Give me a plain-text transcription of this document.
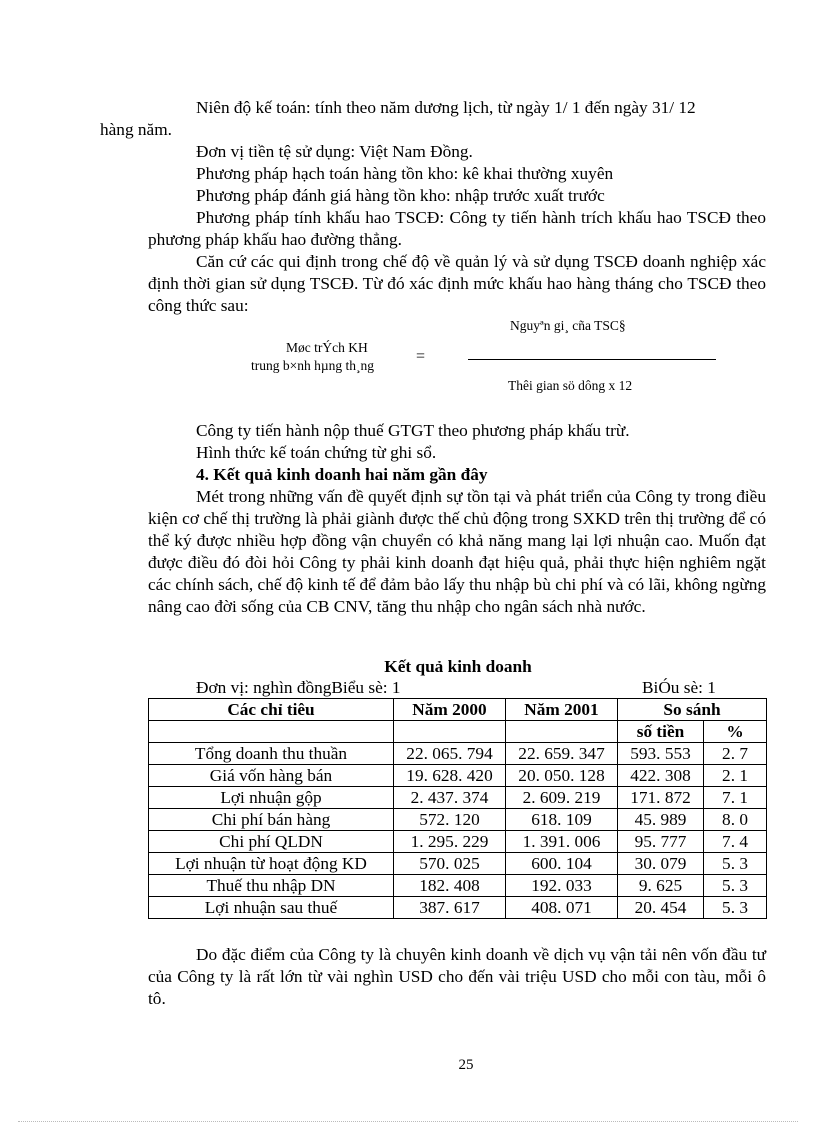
Niên độ kế toán: tính theo năm dương lịch, từ ngày 1/ 1 đến ngày 31/ 12
hàng năm.

Đơn vị tiền tệ sử dụng: Việt Nam Đồng.

Phương pháp hạch toán hàng tồn kho: kê khai thường xuyên

Phương pháp đánh giá hàng tồn kho: nhập trước xuất trước

Phương pháp tính khấu hao TSCĐ: Công ty tiến hành trích khấu hao TSCĐ theo phương pháp khấu hao đường thẳng.

Căn cứ các qui định trong chế độ về quản lý và sử dụng TSCĐ doanh nghiệp xác định thời gian sử dụng TSCĐ. Từ đó xác định mức khấu hao hàng tháng cho TSCĐ theo công thức sau:

Møc trÝch KH
trung b×nh hµng th¸ng
=
Nguyªn gi¸ cña TSC§
Thêi gian sö dông x 12

Công ty tiến hành nộp thuế GTGT theo phương pháp khấu trừ.

Hình thức kế toán chứng từ ghi sổ.

4. Kết quả kinh doanh hai năm gần đây

Mét trong những vấn đề quyết định sự tồn tại và phát triển của Công ty trong điều kiện cơ chế thị trường là phải giành được thế chủ động trong SXKD trên thị trường để có thể ký được nhiều hợp đồng vận chuyển có khả năng mang lại lợi nhuận cao. Muốn đạt được điều đó đòi hỏi Công ty phải kinh doanh đạt hiệu quả, phải thực hiện nghiêm ngặt các chính sách, chế độ kinh tế để đảm bảo lấy thu nhập bù chi phí và có lãi, không ngừng nâng cao đời sống của CB CNV, tăng thu nhập cho ngân sách nhà nước.

Kết quả kinh doanh
Đơn vị: nghìn đồngBiểu sè: 1	BiÓu sè: 1
Các chỉ tiêu	Năm 2000	Năm 2001	So sánh	
			số tiền	%
Tổng doanh thu thuần	22. 065. 794	22. 659. 347	593. 553	2. 7
Giá vốn hàng bán	19. 628. 420	20. 050. 128	422. 308	2. 1
Lợi nhuận gộp	2. 437. 374	2. 609. 219	171. 872	7. 1
Chi phí bán hàng	572. 120	618. 109	45. 989	8. 0
Chi phí QLDN	1. 295. 229	1. 391. 006	95. 777	7. 4
Lợi nhuận từ hoạt động KD	570. 025	600. 104	30. 079	5. 3
Thuế thu nhập DN	182. 408	192. 033	9. 625	5. 3
Lợi nhuận sau thuế	387. 617	408. 071	20. 454	5. 3

Do đặc điểm của Công ty là chuyên kinh doanh về dịch vụ vận tải nên vốn đầu tư của Công ty là rất lớn từ vài nghìn USD cho đến vài triệu USD cho mỗi con tàu, mỗi ô tô.

25
